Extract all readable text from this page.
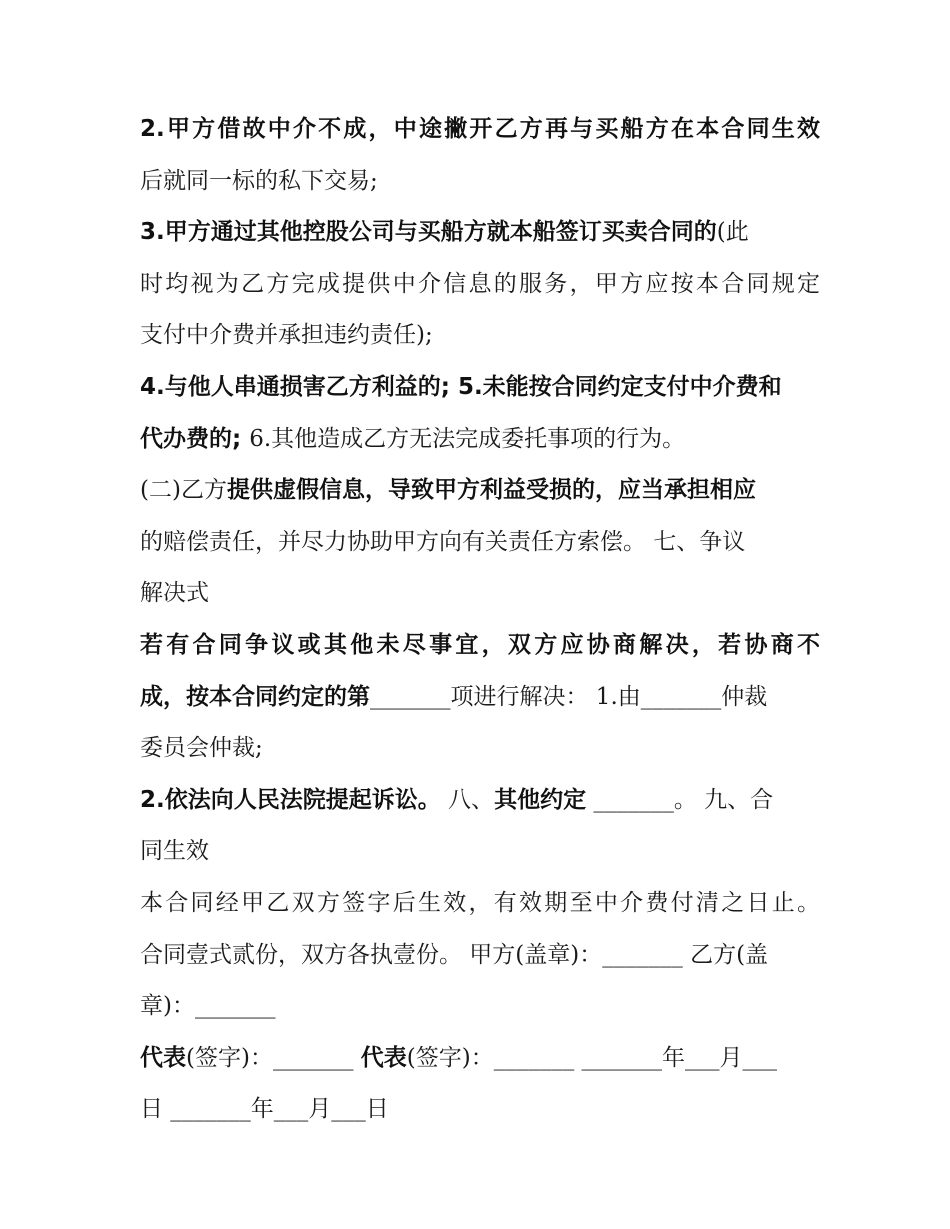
2.甲方借故中介不成，中途撇开乙方再与买船方在本合同生效
后就同一标的私下交易;
3.甲方通过其他控股公司与买船方就本船签订买卖合同的(此
时均视为乙方完成提供中介信息的服务，甲方应按本合同规定
支付中介费并承担违约责任);
4.与他人串通损害乙方利益的; 5.未能按合同约定支付中介费和
代办费的; 6.其他造成乙方无法完成委托事项的行为。
(二)乙方提供虚假信息，导致甲方利益受损的，应当承担相应
的赔偿责任，并尽力协助甲方向有关责任方索偿。 七、争议
解决式
若有合同争议或其他未尽事宜，双方应协商解决，若协商不
成，按本合同约定的第_______项进行解决： 1.由_______仲裁
委员会仲裁;
2.依法向人民法院提起诉讼。 八、其他约定 _______。 九、合
同生效
本合同经甲乙双方签字后生效，有效期至中介费付清之日止。
合同壹式贰份，双方各执壹份。 甲方(盖章)：_______ 乙方(盖
章)：_______
代表(签字)：_______ 代表(签字)：_______ _______年___月___
日 _______年___月___日
